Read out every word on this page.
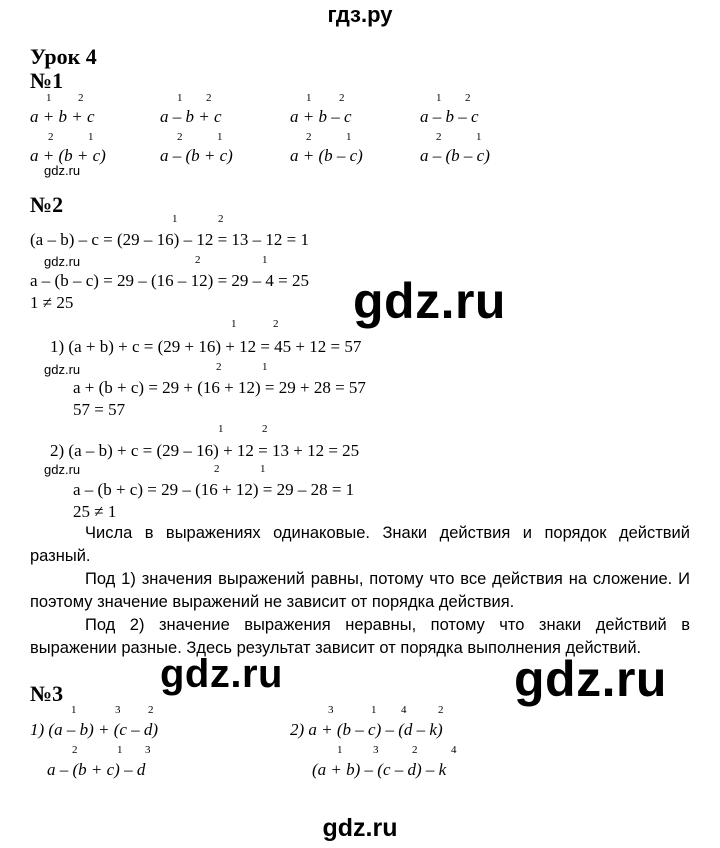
гдз.ру
Урок 4
№1
1 2	1 2	1	2	1 2
a + b + c	a – b + c	a + b – c	a – b – c
2	1	2	1	2	1	2	1
a + (b + c)	a – (b + c)	a + (b – c)	a – (b – c)
gdz.ru
№2
1	2
(a – b) – c = (29 – 16) – 12 = 13 – 12 = 1
gdz.ru	2	1
a – (b – c) = 29 – (16 – 12) = 29 – 4 = 25
1 ≠ 25	gdz.ru
1	2
1) (a + b) + c = (29 + 16) + 12 = 45 + 12 = 57
gdz.ru	2	1
a + (b + c) = 29 + (16 + 12) = 29 + 28 = 57
57 = 57
1	2
2) (a – b) + c = (29 – 16) + 12 = 13 + 12 = 25
gdz.ru	2	1
a – (b + c) = 29 – (16 + 12) = 29 – 28 = 1
25 ≠ 1
Числа в выражениях одинаковые. Знаки действия и порядок действий разный.
Под 1) значения выражений равны, потому что все действия на сложение. И поэтому значение выражений не зависит от порядка действия.
Под 2) значение выражения неравны, потому что знаки действий в выражении разные. Здесь результат зависит от порядка выполнения действий.
gdz.ru	gdz.ru
№3
1	3	2
1) (a – b) + (c – d)
3	1 4	2
2) a + (b – c) – (d – k)
2	1 3
a – (b + c) – d
1	3	2	4
(a + b) – (c – d) – k
gdz.ru
